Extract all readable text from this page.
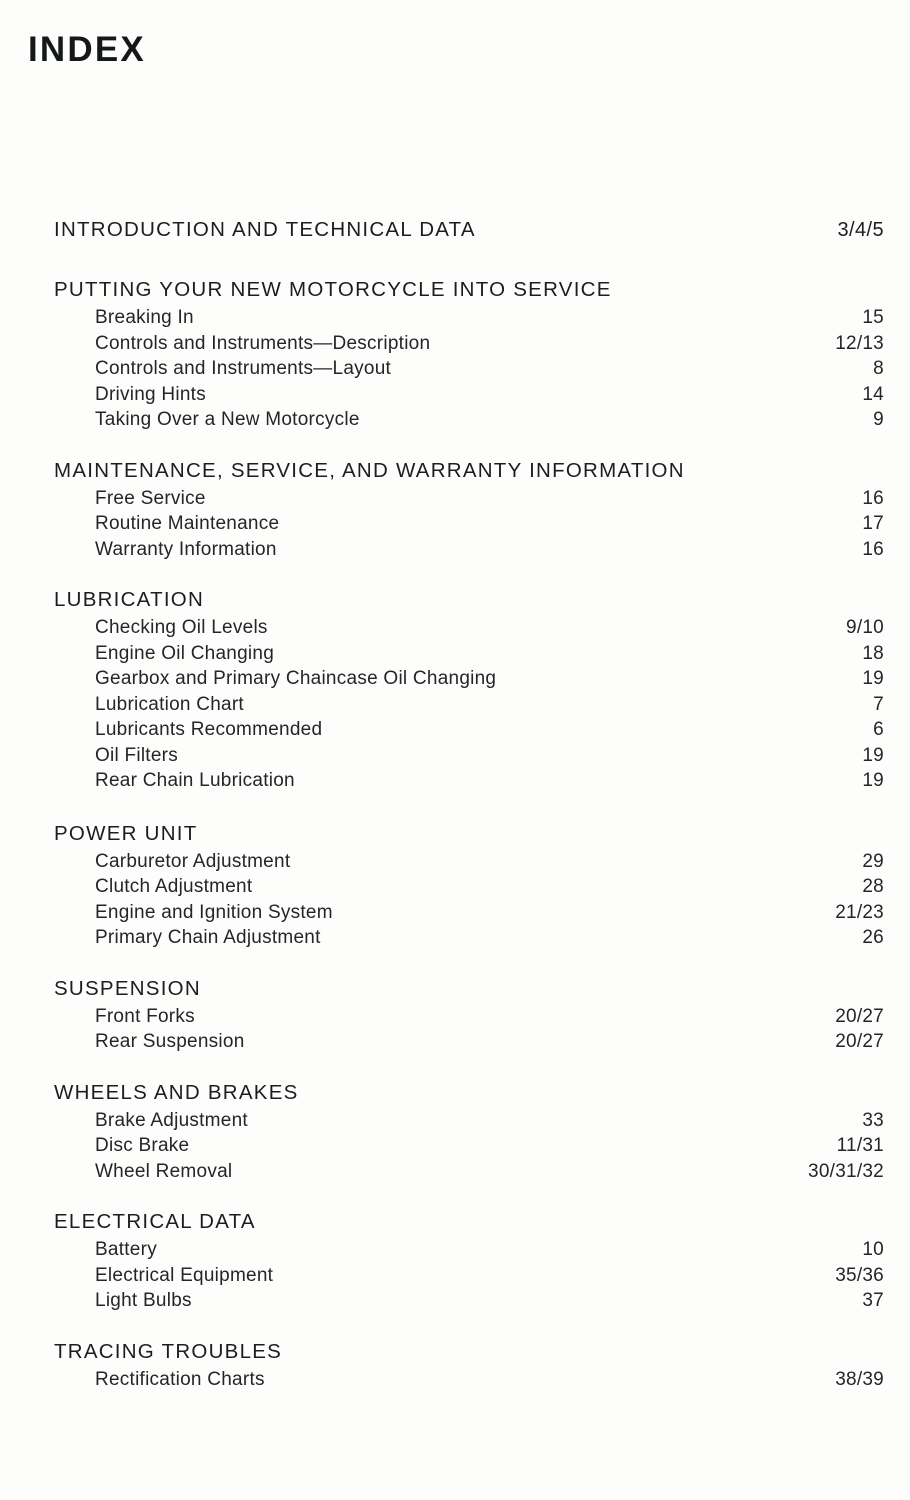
INDEX
INTRODUCTION AND TECHNICAL DATA	3/4/5
PUTTING YOUR NEW MOTORCYCLE INTO SERVICE
Breaking In	15
Controls and Instruments—Description	12/13
Controls and Instruments—Layout	8
Driving Hints	14
Taking Over a New Motorcycle	9
MAINTENANCE, SERVICE, AND WARRANTY INFORMATION
Free Service	16
Routine Maintenance	17
Warranty Information	16
LUBRICATION
Checking Oil Levels	9/10
Engine Oil Changing	18
Gearbox and Primary Chaincase Oil Changing	19
Lubrication Chart	7
Lubricants Recommended	6
Oil Filters	19
Rear Chain Lubrication	19
POWER UNIT
Carburetor Adjustment	29
Clutch Adjustment	28
Engine and Ignition System	21/23
Primary Chain Adjustment	26
SUSPENSION
Front Forks	20/27
Rear Suspension	20/27
WHEELS AND BRAKES
Brake Adjustment	33
Disc Brake	11/31
Wheel Removal	30/31/32
ELECTRICAL DATA
Battery	10
Electrical Equipment	35/36
Light Bulbs	37
TRACING TROUBLES
Rectification Charts	38/39
